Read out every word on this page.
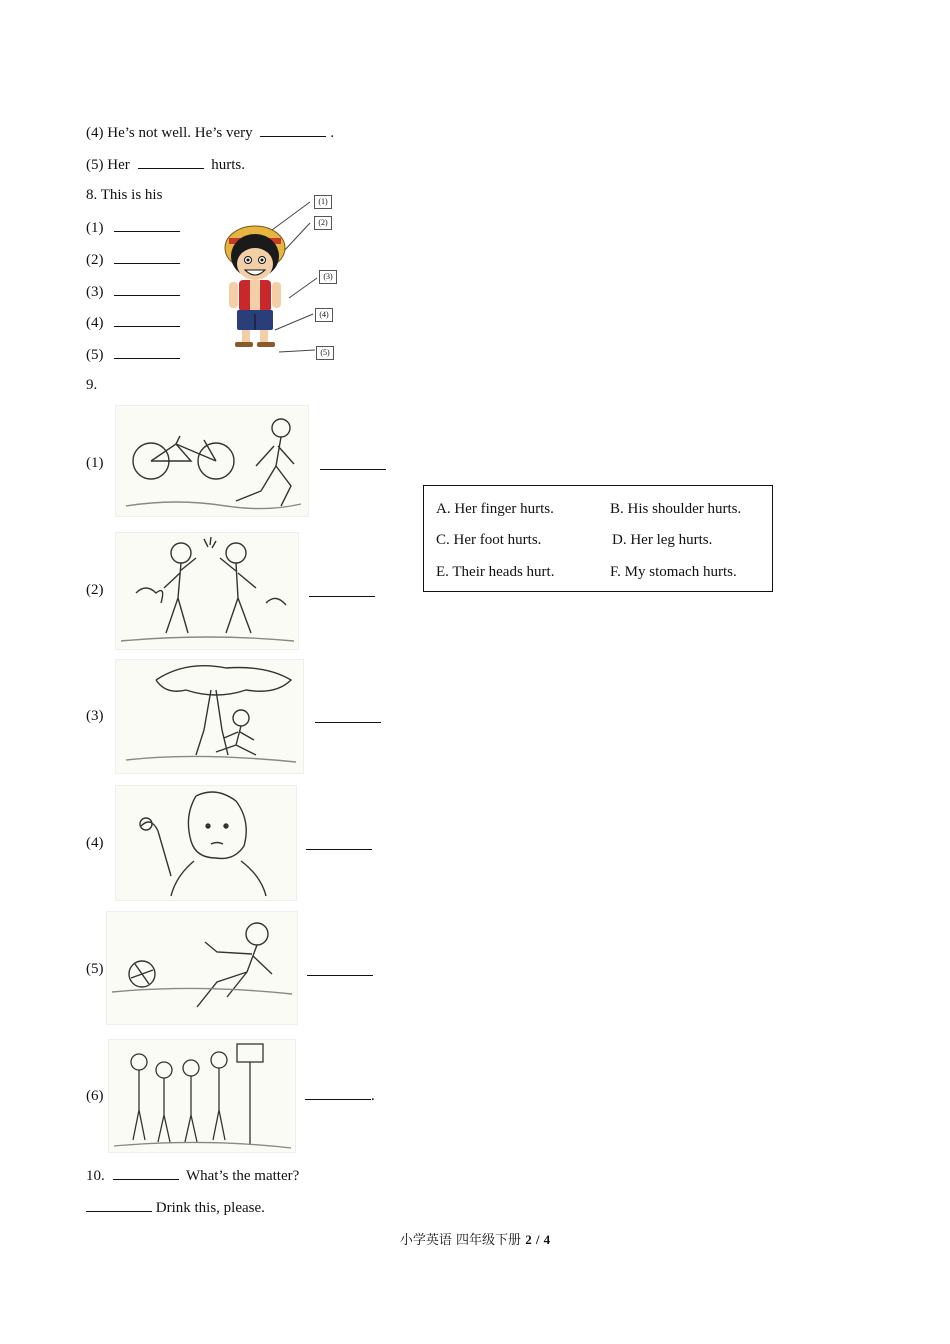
(4) He’s not well. He’s very	.
(5) Her	hurts.
8. This is his
(1)
(2)
(3)
(4)
(5)
(1)
(2)
(3)
(4)
(5)
9.
(1)
(2)
(3)
(4)
(5)
(6)	.
A. Her finger hurts.	B. His shoulder hurts.
C. Her foot hurts.	D. Her leg hurts.
E. Their heads hurt.	F. My stomach hurts.
10.	What’s the matter?
Drink this, please.
小学英语 四年级下册 2 / 4
